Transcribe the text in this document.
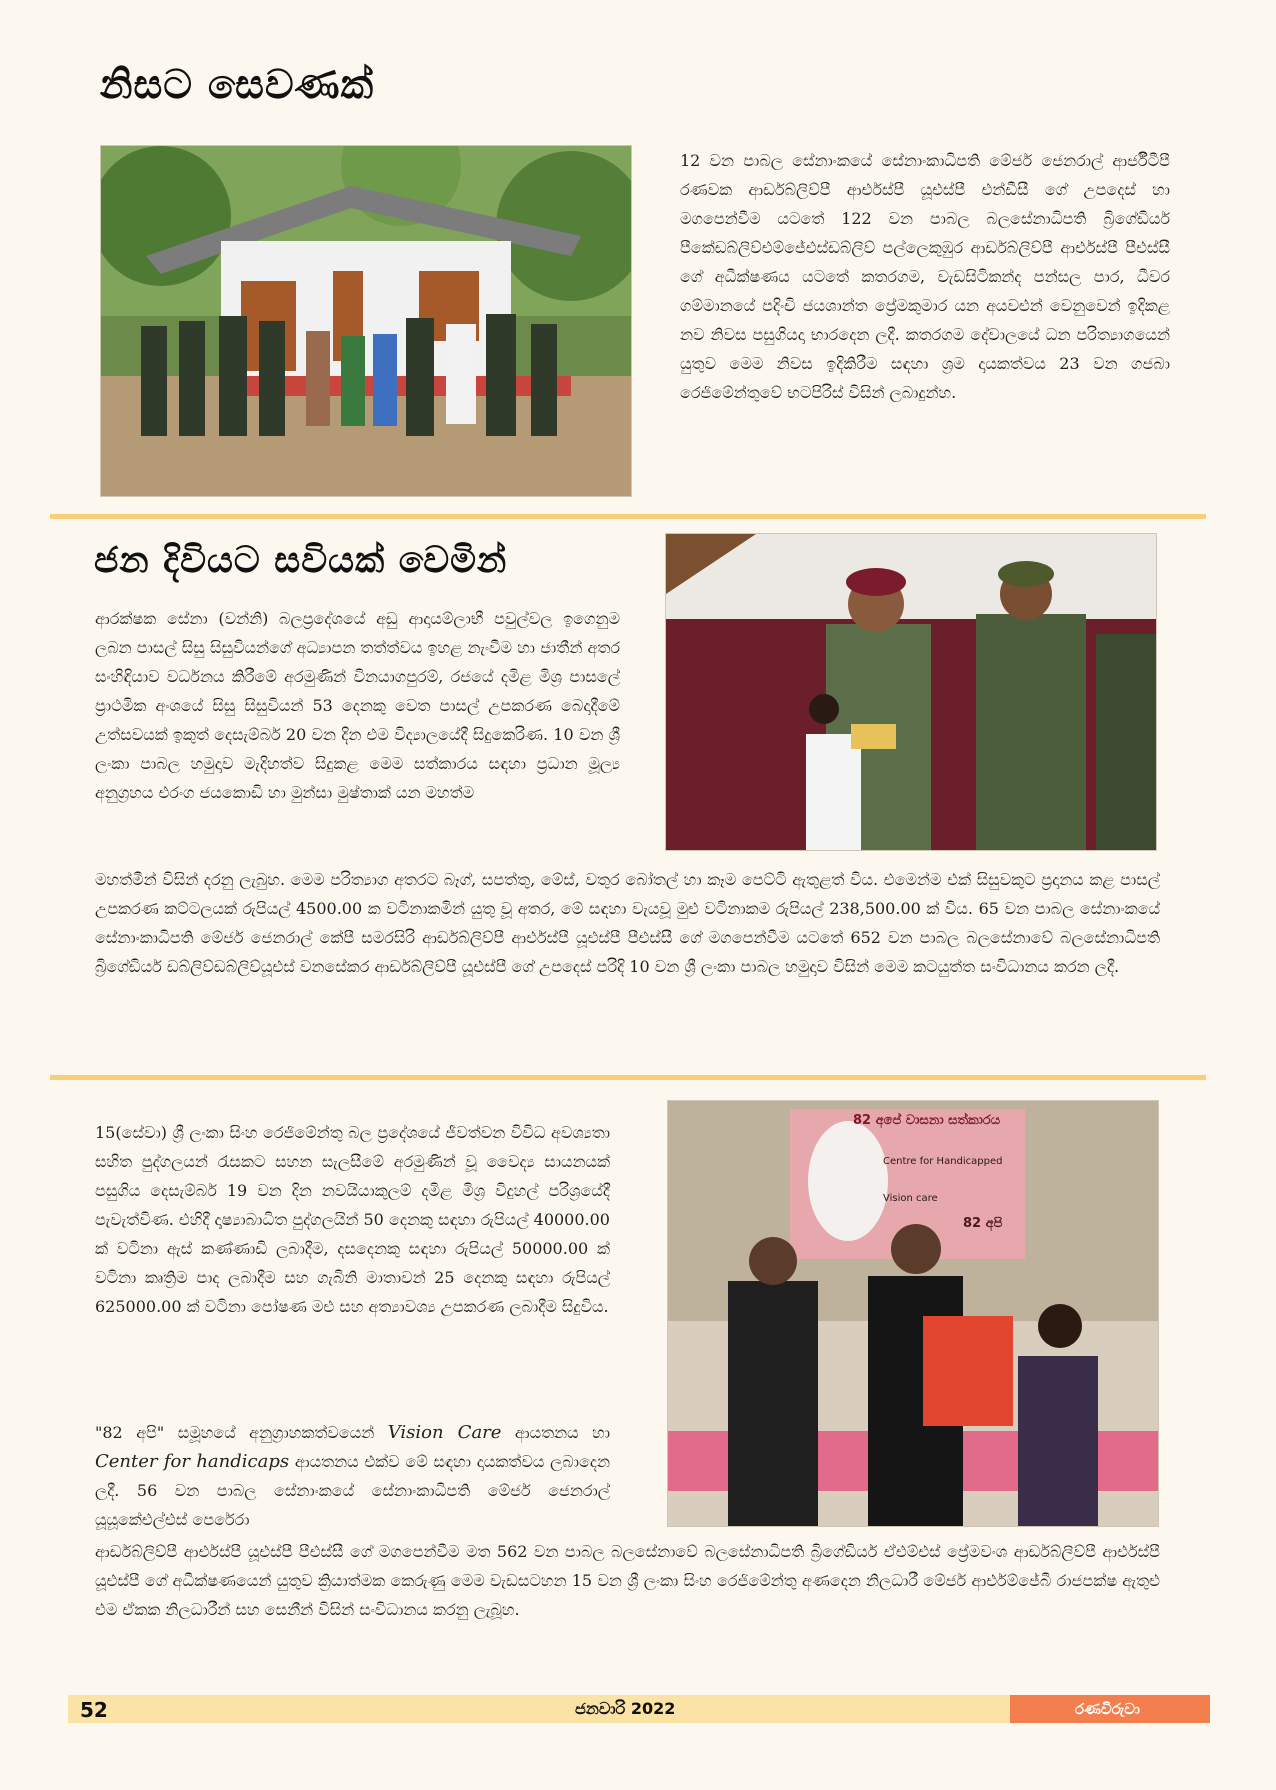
නිසට සෙවණක්

12 වන පාබල සේනාංකයේ සේනාංකාධිපති මේජර් ජෙනරාල් ආර්ජීටීපී රණවක ආර්ඩබ්ලිව්පී ආර්එස්පී යූඑස්පී එන්ඩීසී ගේ උපදෙස් හා මගපෙන්වීම යටතේ 122 වන පාබල බලසේනාධිපති බ්‍රිගේඩියර් පීකේඩබ්ලිව්එම්ජේඑස්ඩබ්ලිව් පල්ලෙකුඹුර ආර්ඩබ්ලිව්පී ආර්එස්පී පීඑස්සී ගේ අධීක්ෂණය යටතේ කතරගම, වැඩසිටිකන්ද පන්සල පාර, ධීවර ගම්මානයේ පදිංචි ජයශාන්ත ප්‍රේමකුමාර යන අයවළුන් වෙනුවෙන් ඉදිකළ නව නිවස පසුගියදා භාරදෙන ලදී. කතරගම දේවාලයේ ධන පරිත්‍යාගයෙන් යුතුව මෙම නිවස ඉදිකිරීම සඳහා ශ්‍රම දායකත්වය 23 වන ගජබා රෙජිමේන්තුවේ භටපිරිස් විසින් ලබාදුන්හ.

ජන දිවියට සවියක් වෙමින්

ආරක්ෂක සේනා (වන්නි) බලප්‍රදේශයේ අඩු ආදායම්ලාභී පවුල්වල ඉගෙනුම ලබන පාසල් සිසු සිසුවියන්ගේ අධ්‍යාපන තත්ත්වය ඉහළ නැංවීම හා ජාතීන් අතර සංහිඳියාව වර්ධනය කිරීමේ අරමුණින් විනයාගපුරම්, රජයේ දමිළ මිශ්‍ර පාසලේ ප්‍රාථමික අංශයේ සිසු සිසුවියන් 53 දෙනකු වෙත පාසල් උපකරණ බෙදාදීමේ උත්සවයක් ඉකුත් දෙසැම්බර් 20 වන දින එම විද්‍යාලයේදී සිදුකෙරිණ. 10 වන ශ්‍රී ලංකා පාබල හමුදාව මැදිහත්ව සිදුකළ මෙම සත්කාරය සඳහා ප්‍රධාන මූල්‍ය අනුග්‍රහය එරංග ජයකොඩි හා මුන්සා මුෂ්තාක් යන මහත්ම

මහත්මීන් විසින් දරනු ලැබුහ. මෙම පරිත්‍යාග අතරට බෑග්, සපත්තු, මේස්, වතුර බෝතල් හා කෑම පෙට්ටි ඇතුළත් විය. එමෙන්ම එක් සිසුවකුට ප්‍රදානය කළ පාසල් උපකරණ කට්ටලයක් රුපියල් 4500.00 ක වටිනාකමින් යුතු වූ අතර, මේ සඳහා වැයවූ මුළු වටිනාකම රුපියල් 238,500.00 ක් විය. 65 වන පාබල සේනාංකයේ සේනාංකාධිපති මේජර් ජෙනරාල් කේපී සමරසිරි ආර්ඩබ්ලිව්පී ආර්එස්පී යූඑස්පී පීඑස්සී ගේ මගපෙන්වීම යටතේ 652 වන පාබල බලසේනාවේ බලසේනාධිපති බ්‍රිගේඩියර් ඩබ්ලිව්ඩබ්ලිව්යූඑස් වනසේකර ආර්ඩබ්ලිව්පී යූඑස්පී ගේ උපදෙස් පරිදි 10 වන ශ්‍රී ලංකා පාබල හමුදාව විසින් මෙම කටයුත්ත සංවිධානය කරන ලදී.

15(සේවා) ශ්‍රී ලංකා සිංහ රෙජිමේන්තු බල ප්‍රදේශයේ ජීවත්වන විවිධ අවශ්‍යතා සහිත පුද්ගලයන් රැසකට සහන සැලසීමේ අරමුණින් වූ වෛද්‍ය සායනයක් පසුගිය දෙසැම්බර් 19 වන දින නවයියාකුලම් දමිළ මිශ්‍ර විදුහල් පරිශ්‍රයේදී පැවැත්විණ. එහිදී දෘෂ්‍යාබාධිත පුද්ගලයින් 50 දෙනකු සඳහා රුපියල් 40000.00 ක් වටිනා ඇස් කණ්ණාඩි ලබාදීම, දසදෙනකු සඳහා රුපියල් 50000.00 ක් වටිනා කෘත්‍රිම පාද ලබාදීම සහ ගැබිනි මාතාවන් 25 දෙනකු සඳහා රුපියල් 625000.00 ක් වටිනා පෝෂණ මළු සහ අත්‍යාවශ්‍ය උපකරණ ලබාදීම සිදුවිය.

"82 අපි" සමූහයේ අනුග්‍රාහකත්වයෙන් Vision Care ආයතනය හා Center for handicaps ආයතනය එක්ව මේ සඳහා දායකත්වය ලබාදෙන ලදී. 56 වන පාබල සේනාංකයේ සේනාංකාධිපති මේජර් ජෙනරාල් යූයූකේඑල්එස් පෙරේරා

82 අපේ වාසනා සත්කාරය
Centre for Handicapped
Vision care
82 අපි

ආර්ඩබ්ලිව්පී ආර්එස්පී යූඑස්පී පීඑස්සී ගේ මගපෙන්වීම මත 562 වන පාබල බලසේනාවේ බලසේනාධිපති බ්‍රිගේඩියර් ඒඑම්එස් ප්‍රේමවංශ ආර්ඩබ්ලිව්පී ආර්එස්පී යූඑස්පී ගේ අධීක්ෂණයෙන් යුතුව ක්‍රියාත්මක කෙරුණු මෙම වැඩසටහන 15 වන ශ්‍රී ලංකා සිංහ රෙජිමේන්තු අණදෙන නිලධාරී මේජර් ආර්එම්ජේබී රාජපක්ෂ ඇතුළු එම ඒකක නිලධාරීන් සහ සෙනීන් විසින් සංවිධානය කරනු ලැබූහ.

52	ජනවාරි 2022	රණවිරුවා
